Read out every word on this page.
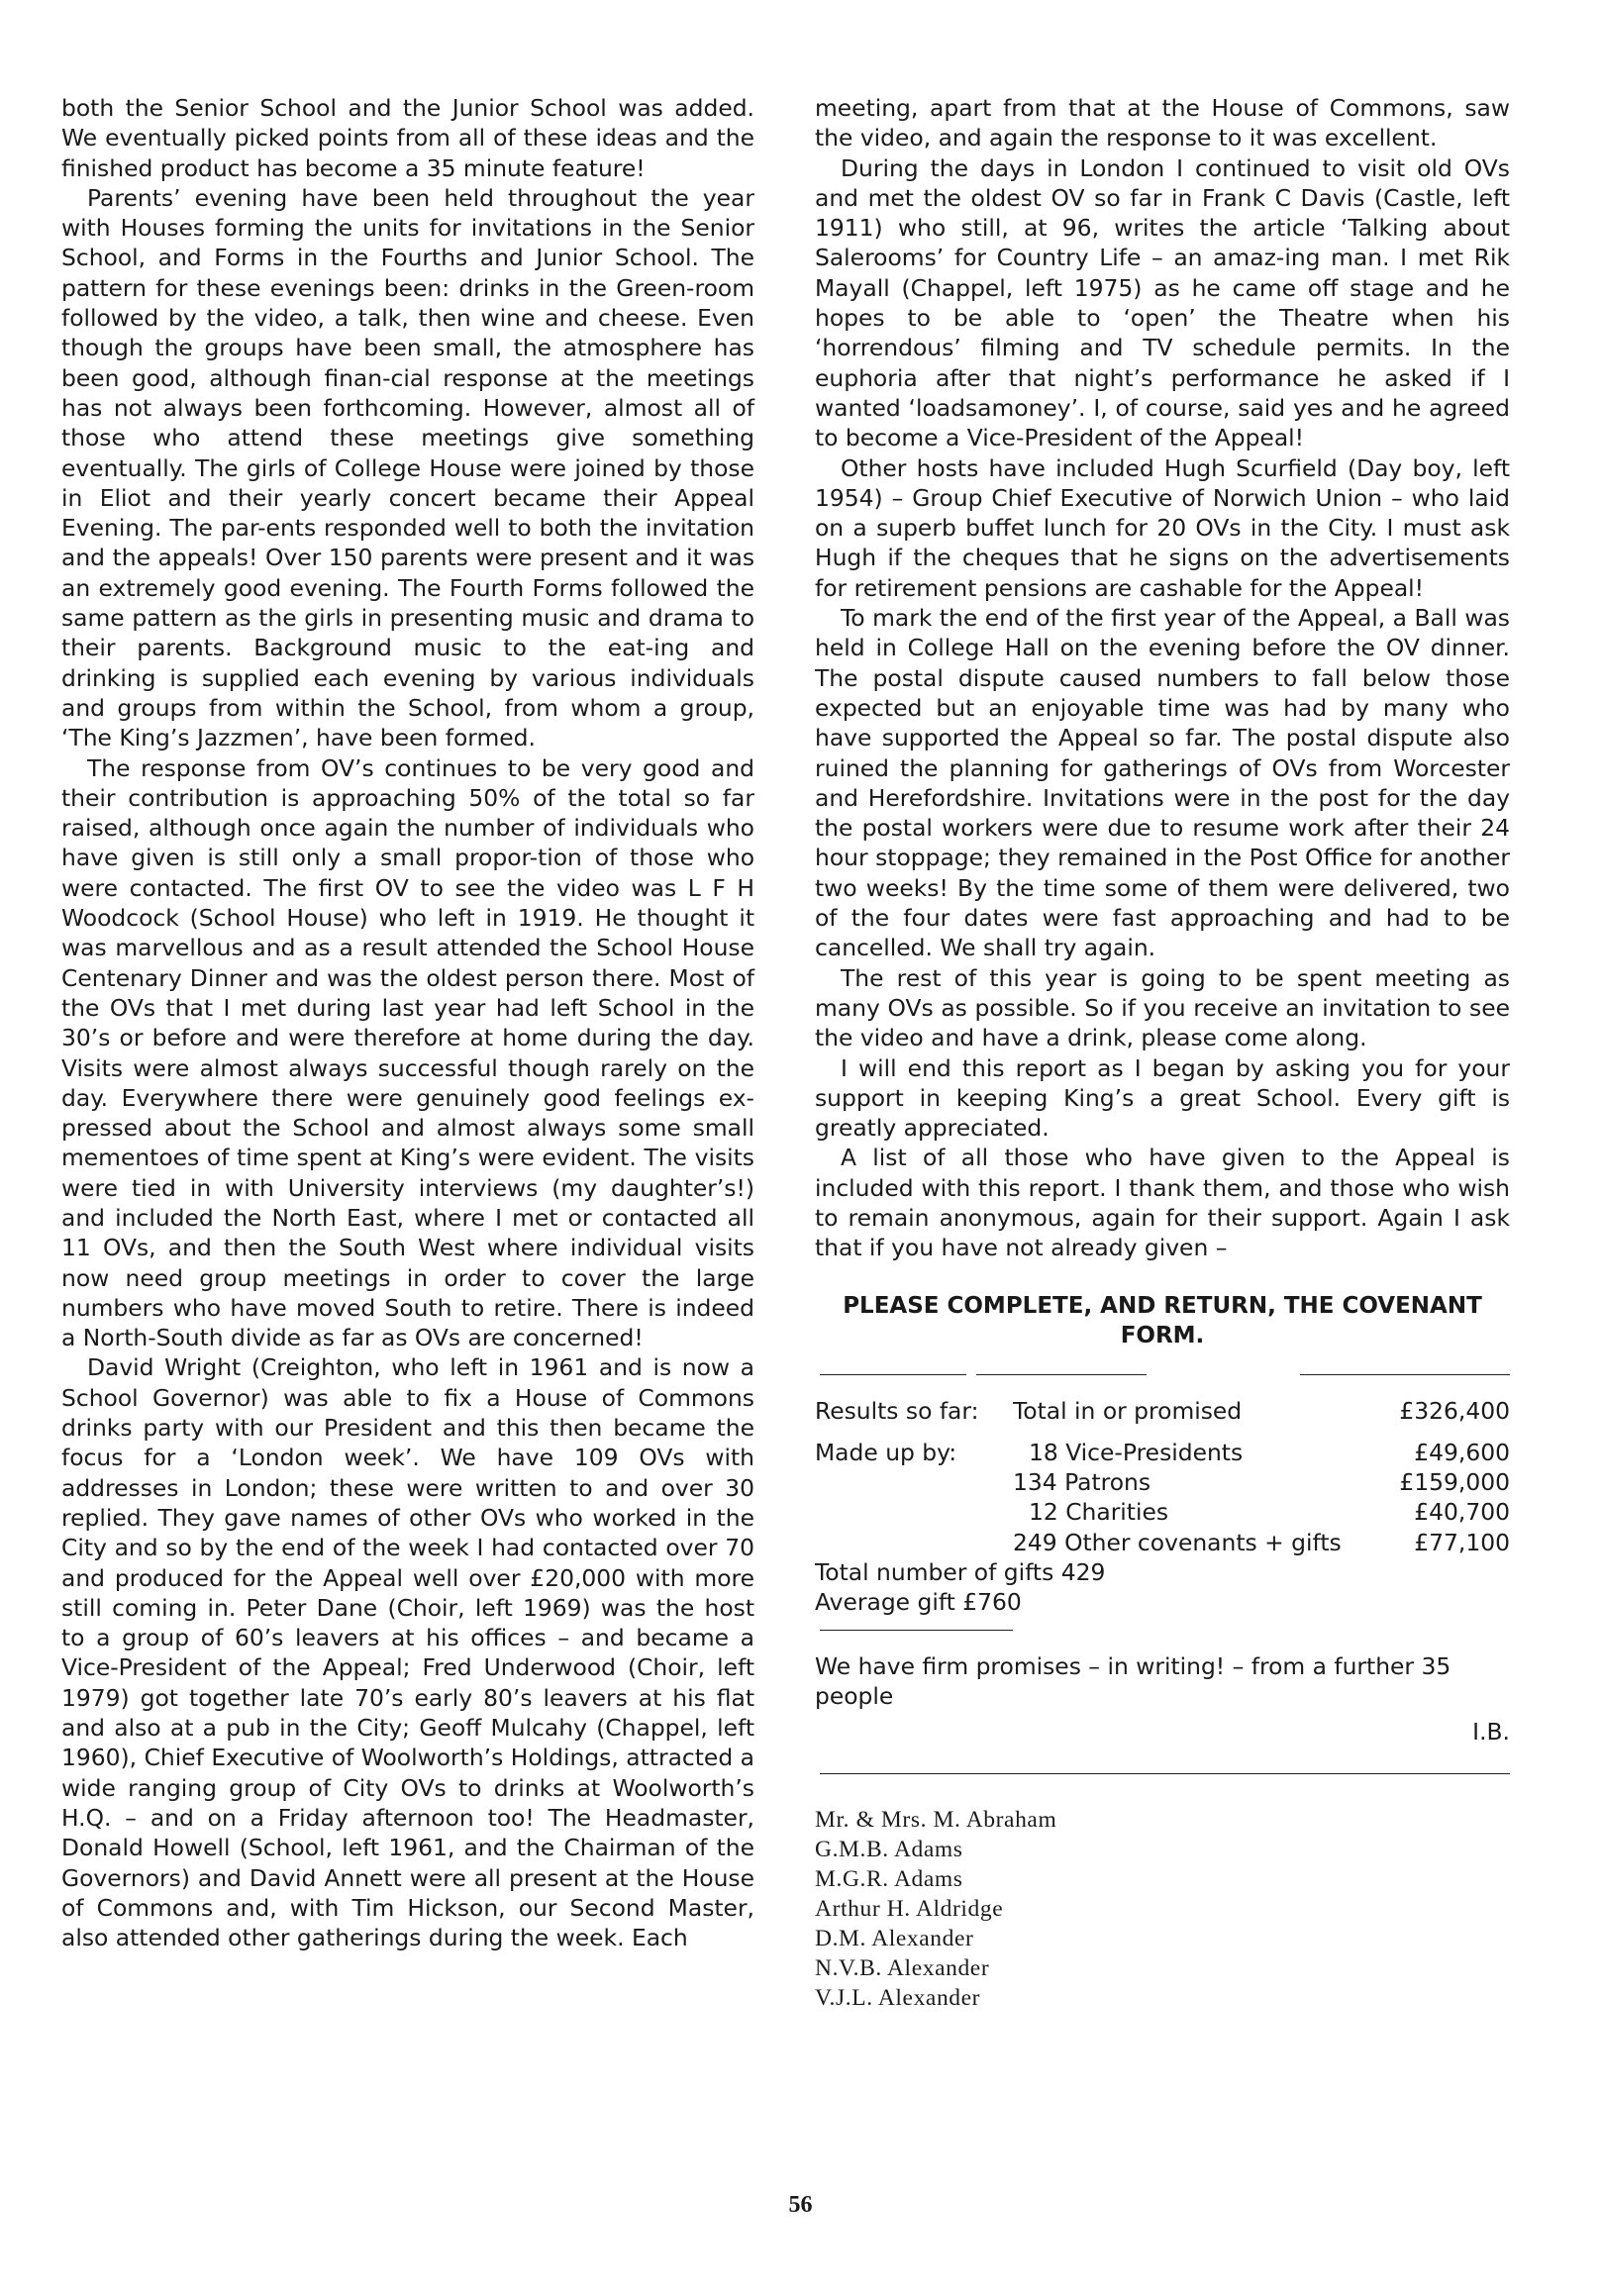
both the Senior School and the Junior School was added. We eventually picked points from all of these ideas and the finished product has become a 35 minute feature!

Parents’ evening have been held throughout the year with Houses forming the units for invitations in the Senior School, and Forms in the Fourths and Junior School. The pattern for these evenings been: drinks in the Green-room followed by the video, a talk, then wine and cheese. Even though the groups have been small, the atmosphere has been good, although finan-cial response at the meetings has not always been forthcoming. However, almost all of those who attend these meetings give something eventually. The girls of College House were joined by those in Eliot and their yearly concert became their Appeal Evening. The par-ents responded well to both the invitation and the appeals! Over 150 parents were present and it was an extremely good evening. The Fourth Forms followed the same pattern as the girls in presenting music and drama to their parents. Background music to the eat-ing and drinking is supplied each evening by various individuals and groups from within the School, from whom a group, ‘The King’s Jazzmen’, have been formed.

The response from OV’s continues to be very good and their contribution is approaching 50% of the total so far raised, although once again the number of individuals who have given is still only a small propor-tion of those who were contacted. The first OV to see the video was L F H Woodcock (School House) who left in 1919. He thought it was marvellous and as a result attended the School House Centenary Dinner and was the oldest person there. Most of the OVs that I met during last year had left School in the 30’s or before and were therefore at home during the day. Visits were almost always successful though rarely on the day. Everywhere there were genuinely good feelings ex-pressed about the School and almost always some small mementoes of time spent at King’s were evident. The visits were tied in with University interviews (my daughter’s!) and included the North East, where I met or contacted all 11 OVs, and then the South West where individual visits now need group meetings in order to cover the large numbers who have moved South to retire. There is indeed a North-South divide as far as OVs are concerned!

David Wright (Creighton, who left in 1961 and is now a School Governor) was able to fix a House of Commons drinks party with our President and this then became the focus for a ‘London week’. We have 109 OVs with addresses in London; these were written to and over 30 replied. They gave names of other OVs who worked in the City and so by the end of the week I had contacted over 70 and produced for the Appeal well over £20,000 with more still coming in. Peter Dane (Choir, left 1969) was the host to a group of 60’s leavers at his offices – and became a Vice-President of the Appeal; Fred Underwood (Choir, left 1979) got together late 70’s early 80’s leavers at his flat and also at a pub in the City; Geoff Mulcahy (Chappel, left 1960), Chief Executive of Woolworth’s Holdings, attracted a wide ranging group of City OVs to drinks at Woolworth’s H.Q. – and on a Friday afternoon too! The Headmaster, Donald Howell (School, left 1961, and the Chairman of the Governors) and David Annett were all present at the House of Commons and, with Tim Hickson, our Second Master, also attended other gatherings during the week. Each

meeting, apart from that at the House of Commons, saw the video, and again the response to it was excellent.

During the days in London I continued to visit old OVs and met the oldest OV so far in Frank C Davis (Castle, left 1911) who still, at 96, writes the article ‘Talking about Salerooms’ for Country Life – an amaz-ing man. I met Rik Mayall (Chappel, left 1975) as he came off stage and he hopes to be able to ‘open’ the Theatre when his ‘horrendous’ filming and TV schedule permits. In the euphoria after that night’s performance he asked if I wanted ‘loadsamoney’. I, of course, said yes and he agreed to become a Vice-President of the Appeal!

Other hosts have included Hugh Scurfield (Day boy, left 1954) – Group Chief Executive of Norwich Union – who laid on a superb buffet lunch for 20 OVs in the City. I must ask Hugh if the cheques that he signs on the advertisements for retirement pensions are cashable for the Appeal!

To mark the end of the first year of the Appeal, a Ball was held in College Hall on the evening before the OV dinner. The postal dispute caused numbers to fall below those expected but an enjoyable time was had by many who have supported the Appeal so far. The postal dispute also ruined the planning for gatherings of OVs from Worcester and Herefordshire. Invitations were in the post for the day the postal workers were due to resume work after their 24 hour stoppage; they remained in the Post Office for another two weeks! By the time some of them were delivered, two of the four dates were fast approaching and had to be cancelled. We shall try again.

The rest of this year is going to be spent meeting as many OVs as possible. So if you receive an invitation to see the video and have a drink, please come along.

I will end this report as I began by asking you for your support in keeping King’s a great School. Every gift is greatly appreciated.

A list of all those who have given to the Appeal is included with this report. I thank them, and those who wish to remain anonymous, again for their support. Again I ask that if you have not already given –

PLEASE COMPLETE, AND RETURN, THE COVENANT FORM.
Results so far:	Total in or promised	£326,400
Made up by:	18 Vice-Presidents	£49,600
134 Patrons	£159,000
12 Charities	£40,700
249 Other covenants + gifts	£77,100
Total number of gifts 429
Average gift £760
We have firm promises – in writing! – from a further 35 people
I.B.
Mr. & Mrs. M. Abraham
G.M.B. Adams
M.G.R. Adams
Arthur H. Aldridge
D.M. Alexander
N.V.B. Alexander
V.J.L. Alexander
56
